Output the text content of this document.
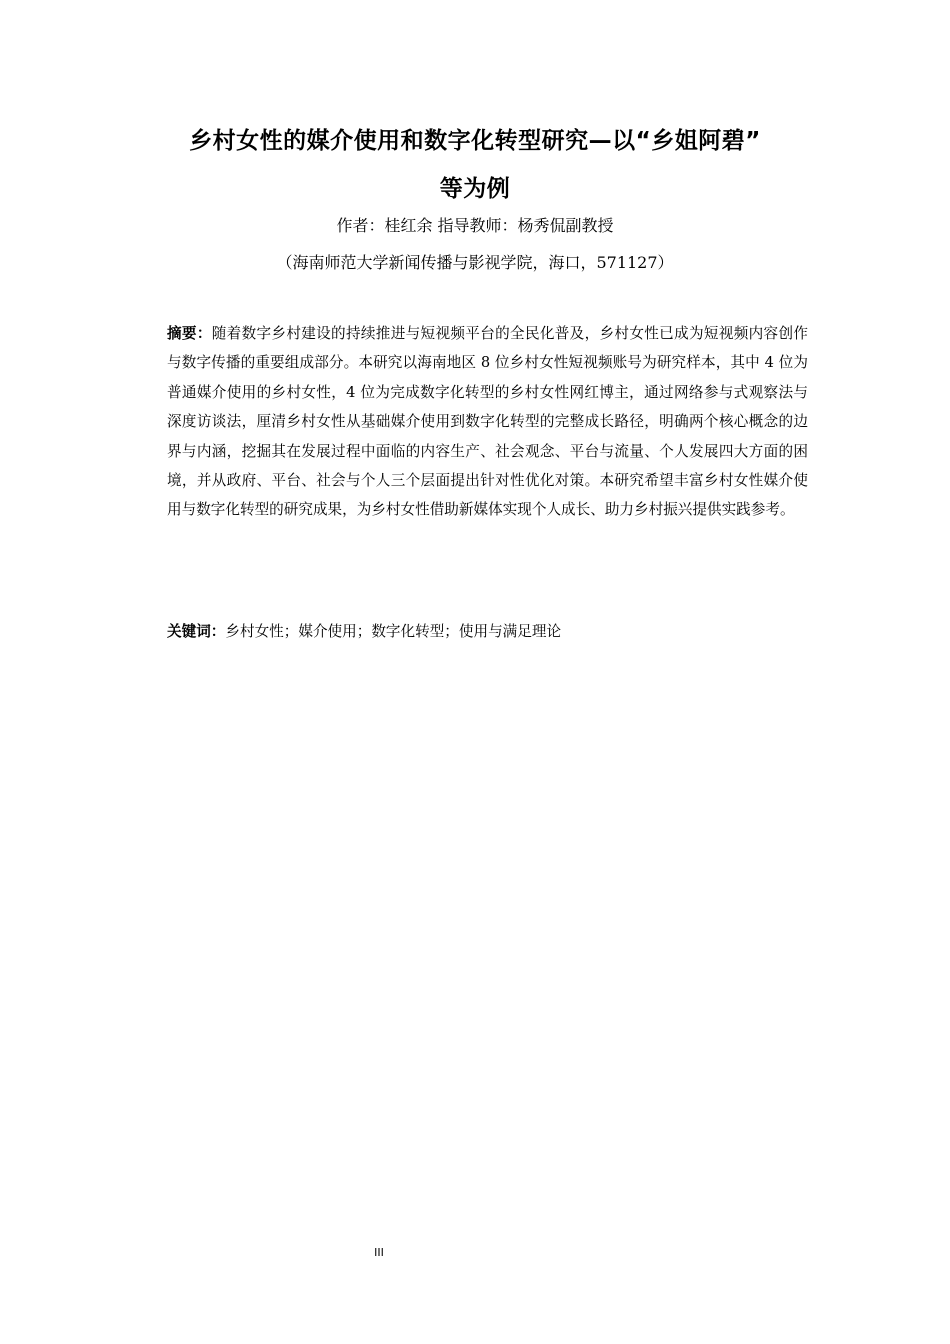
乡村女性的媒介使用和数字化转型研究—以“乡姐阿碧”
等为例
作者：桂红余 指导教师：杨秀侃副教授
（海南师范大学新闻传播与影视学院，海口，571127）

摘要：随着数字乡村建设的持续推进与短视频平台的全民化普及，乡村女性已成为短视频内容创作与数字传播的重要组成部分。本研究以海南地区 8 位乡村女性短视频账号为研究样本，其中 4 位为普通媒介使用的乡村女性，4 位为完成数字化转型的乡村女性网红博主，通过网络参与式观察法与深度访谈法，厘清乡村女性从基础媒介使用到数字化转型的完整成长路径，明确两个核心概念的边界与内涵，挖掘其在发展过程中面临的内容生产、社会观念、平台与流量、个人发展四大方面的困境，并从政府、平台、社会与个人三个层面提出针对性优化对策。本研究希望丰富乡村女性媒介使用与数字化转型的研究成果，为乡村女性借助新媒体实现个人成长、助力乡村振兴提供实践参考。

关键词：乡村女性；媒介使用；数字化转型；使用与满足理论

III
